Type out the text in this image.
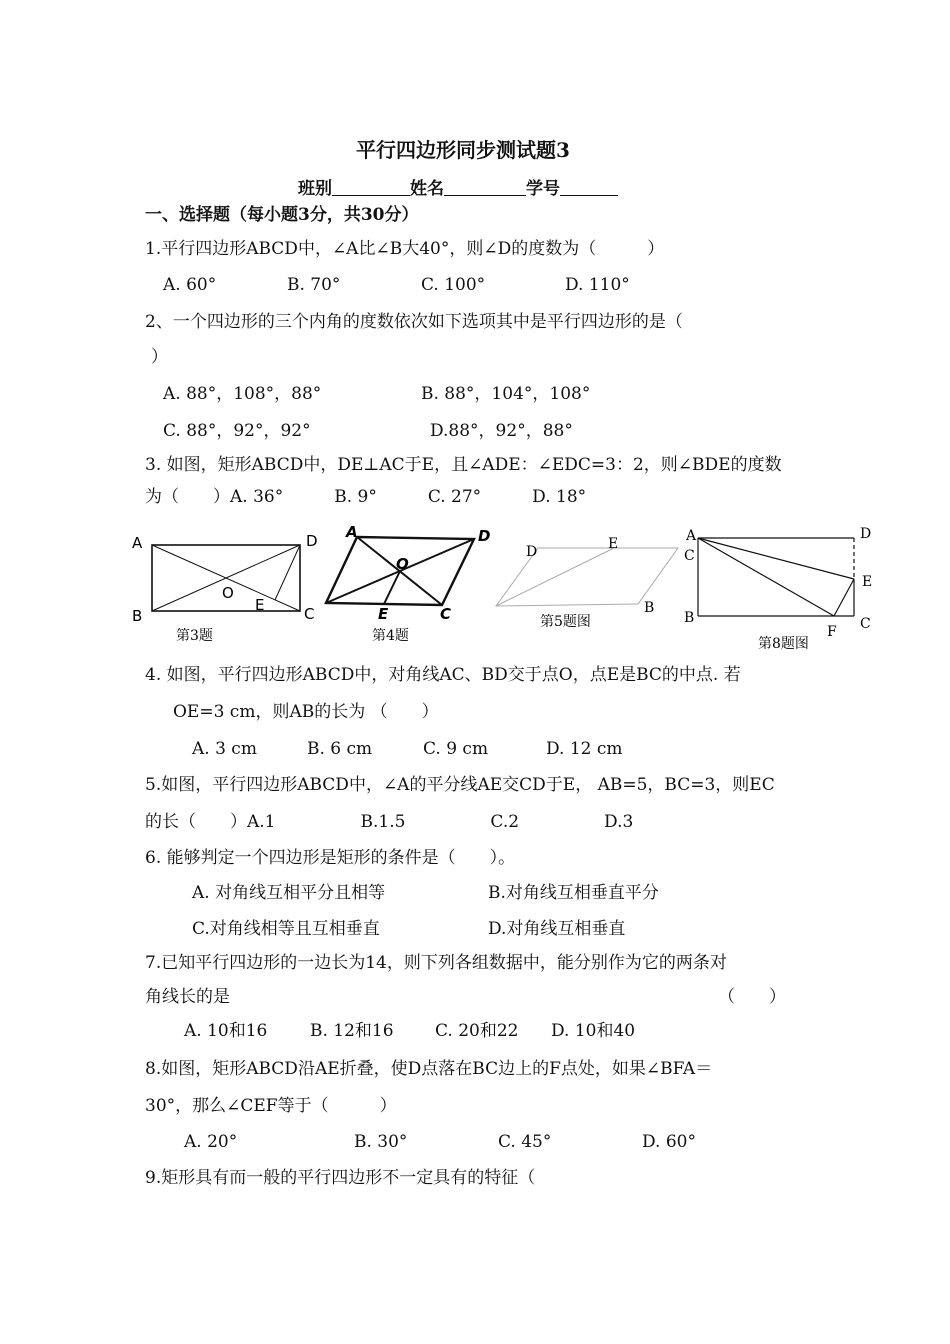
平行四边形同步测试题3
班别	姓名	学号
一、选择题（每小题3分，共30分）
1.平行四边形ABCD中，∠A比∠B大40°，则∠D的度数为（　　　）
A. 60°	B. 70°	C. 100°	D. 110°
2、一个四边形的三个内角的度数依次如下选项其中是平行四边形的是（
）
A. 88°，108°，88°	B. 88°，104°，108°
C. 88°，92°，92°	D.88°，92°，88°
3. 如图，矩形ABCD中，DE⊥AC于E，且∠ADE：∠EDC=3：2，则∠BDE的度数
为（　　）A. 36°　　　B. 9°　　　C. 27°　　　D. 18°
A
B	C
D
O
E
第3题
A	D
O
E	C
第4题
D	E
B
第5题图
A
C
D
E
B	C
F
第8题图
4. 如图，平行四边形ABCD中，对角线AC、BD交于点O，点E是BC的中点. 若
OE=3 cm，则AB的长为 （　　）
A. 3 cm	B. 6 cm	C. 9 cm	D. 12 cm
5.如图，平行四边形ABCD中，∠A的平分线AE交CD于E， AB=5，BC=3，则EC
的长（　　）A.1　　　　　B.1.5　　　　　C.2　　　　　D.3
6. 能够判定一个四边形是矩形的条件是（　　）。
A. 对角线互相平分且相等	B.对角线互相垂直平分
C.对角线相等且互相垂直	D.对角线互相垂直
7.已知平行四边形的一边长为14，则下列各组数据中，能分别作为它的两条对
角线长的是	（　　）
A. 10和16	B. 12和16 C. 20和22 D. 10和40
8.如图，矩形ABCD沿AE折叠，使D点落在BC边上的F点处，如果∠BFA＝
30°，那么∠CEF等于（　　　）
A. 20°	B. 30°	C. 45°	D. 60°
9.矩形具有而一般的平行四边形不一定具有的特征（
